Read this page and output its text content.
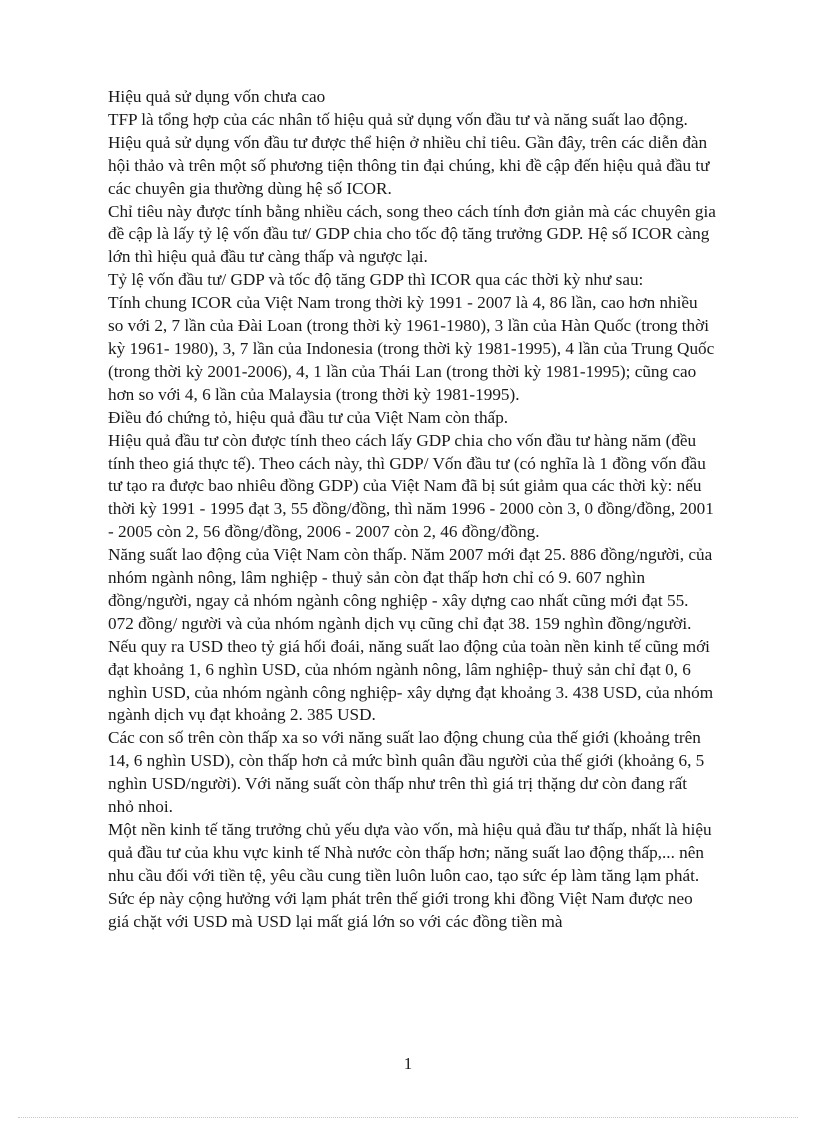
Hiệu quả sử dụng vốn chưa cao

TFP là tổng hợp của các nhân tố hiệu quả sử dụng vốn đầu tư và năng suất lao động. Hiệu quả sử dụng vốn đầu tư được thể hiện ở nhiều chỉ tiêu. Gần đây, trên các diễn đàn hội thảo và trên một số phương tiện thông tin đại chúng, khi đề cập đến hiệu quả đầu tư các chuyên gia thường dùng hệ số ICOR.

Chỉ tiêu này được tính bằng nhiều cách, song theo cách tính đơn giản mà các chuyên gia đề cập là lấy tỷ lệ vốn đầu tư/ GDP chia cho tốc độ tăng trưởng GDP. Hệ số ICOR càng lớn thì hiệu quả đầu tư càng thấp và ngược lại.

Tỷ lệ vốn đầu tư/ GDP và tốc độ tăng GDP thì ICOR qua các thời kỳ như sau:

Tính chung ICOR của Việt Nam trong thời kỳ 1991 - 2007 là 4, 86 lần, cao hơn nhiều so với 2, 7 lần của Đài Loan (trong thời kỳ 1961-1980), 3 lần của Hàn Quốc (trong thời kỳ 1961- 1980), 3, 7 lần của Indonesia (trong thời kỳ 1981-1995), 4 lần của Trung Quốc (trong thời kỳ 2001-2006), 4, 1 lần của Thái Lan (trong thời kỳ 1981-1995); cũng cao hơn so với 4, 6 lần của Malaysia (trong thời kỳ 1981-1995).

Điều đó chứng tỏ, hiệu quả đầu tư của Việt Nam còn thấp.

Hiệu quả đầu tư còn được tính theo cách lấy GDP chia cho vốn đầu tư hàng năm (đều tính theo giá thực tế). Theo cách này, thì GDP/ Vốn đầu tư (có nghĩa là 1 đồng vốn đầu tư tạo ra được bao nhiêu đồng GDP) của Việt Nam đã bị sút giảm qua các thời kỳ: nếu thời kỳ 1991 - 1995 đạt 3, 55 đồng/đồng, thì năm 1996 - 2000 còn 3, 0 đồng/đồng, 2001 - 2005 còn 2, 56 đồng/đồng, 2006 - 2007 còn 2, 46 đồng/đồng.

Năng suất lao động của Việt Nam còn thấp. Năm 2007 mới đạt 25. 886 đồng/người, của nhóm ngành nông, lâm nghiệp - thuỷ sản còn đạt thấp hơn chỉ có 9. 607 nghìn đồng/người, ngay cả nhóm ngành công nghiệp - xây dựng cao nhất cũng mới đạt 55. 072 đồng/ người và của nhóm ngành dịch vụ cũng chỉ đạt 38. 159 nghìn đồng/người.

Nếu quy ra USD theo tỷ giá hối đoái, năng suất lao động của toàn nền kinh tế cũng mới đạt khoảng 1, 6 nghìn USD, của nhóm ngành nông, lâm nghiệp- thuỷ sản chỉ đạt 0, 6 nghìn USD, của nhóm ngành công nghiệp- xây dựng đạt khoảng 3. 438 USD, của nhóm ngành dịch vụ đạt khoảng 2. 385 USD.

Các con số trên còn thấp xa so với năng suất lao động chung của thế giới (khoảng trên 14, 6 nghìn USD), còn thấp hơn cả mức bình quân đầu người của thế giới (khoảng 6, 5 nghìn USD/người). Với năng suất còn thấp như trên thì giá trị thặng dư còn đang rất nhỏ nhoi.

Một nền kinh tế tăng trưởng chủ yếu dựa vào vốn, mà hiệu quả đầu tư thấp, nhất là hiệu quả đầu tư của khu vực kinh tế Nhà nước còn thấp hơn; năng suất lao động thấp,... nên nhu cầu đối với tiền tệ, yêu cầu cung tiền luôn luôn cao, tạo sức ép làm tăng lạm phát.

Sức ép này cộng hưởng với lạm phát trên thế giới trong khi đồng Việt Nam được neo giá chặt với USD mà USD lại mất giá lớn so với các đồng tiền mà

1
